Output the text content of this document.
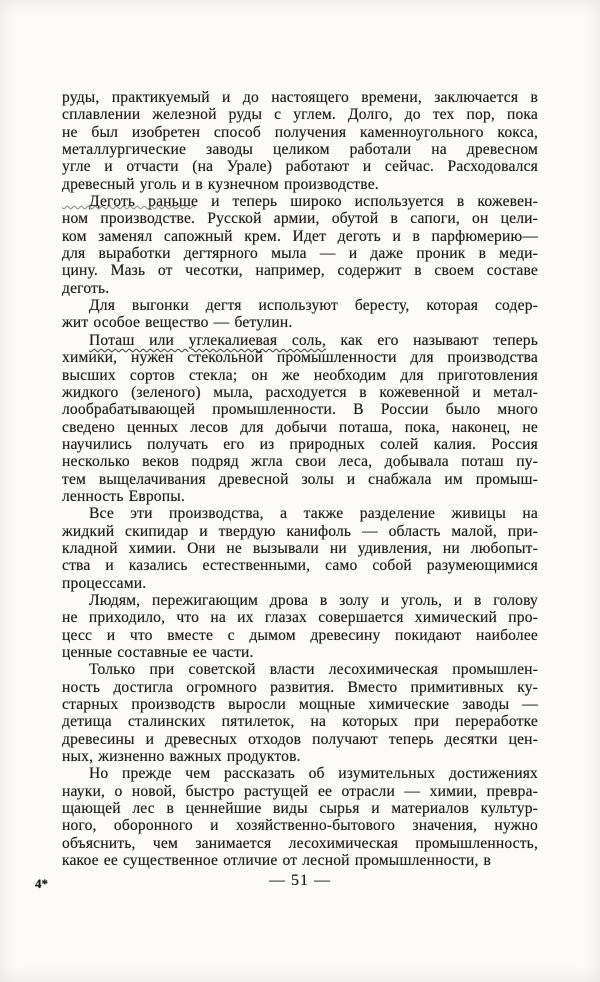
руды, практикуемый и до настоящего времени, заключается в
сплавлении железной руды с углем. Долго, до тех пор, пока
не был изобретен способ получения каменноугольного кокса,
металлургические заводы целиком работали на древесном
угле и отчасти (на Урале) работают и сейчас. Расходовался
древесный уголь и в кузнечном производстве.
Деготь раньше и теперь широко используется в кожевен-
ном производстве. Русской армии, обутой в сапоги, он цели-
ком заменял сапожный крем. Идет деготь и в парфюмерию—
для выработки дегтярного мыла — и даже проник в меди-
цину. Мазь от чесотки, например, содержит в своем составе
деготь.
Для выгонки дегтя используют бересту, которая содер-
жит особое вещество — бетулин.
Поташ или углекалиевая соль, как его называют теперь
химики, нужен стекольной промышленности для производства
высших сортов стекла; он же необходим для приготовления
жидкого (зеленого) мыла, расходуется в кожевенной и метал-
лообрабатывающей промышленности. В России было много
сведено ценных лесов для добычи поташа, пока, наконец, не
научились получать его из природных солей калия. Россия
несколько веков подряд жгла свои леса, добывала поташ пу-
тем выщелачивания древесной золы и снабжала им промыш-
ленность Европы.
Все эти производства, а также разделение живицы на
жидкий скипидар и твердую канифоль — область малой, при-
кладной химии. Они не вызывали ни удивления, ни любопыт-
ства и казались естественными, само собой разумеющимися
процессами.
Людям, пережигающим дрова в золу и уголь, и в голову
не приходило, что на их глазах совершается химический про-
цесс и что вместе с дымом древесину покидают наиболее
ценные составные ее части.
Только при советской власти лесохимическая промышлен-
ность достигла огромного развития. Вместо примитивных ку-
старных производств выросли мощные химические заводы —
детища сталинских пятилеток, на которых при переработке
древесины и древесных отходов получают теперь десятки цен-
ных, жизненно важных продуктов.
Но прежде чем рассказать об изумительных достижениях
науки, о новой, быстро растущей ее отрасли — химии, превра-
щающей лес в ценнейшие виды сырья и материалов культур-
ного, оборонного и хозяйственно-бытового значения, нужно
объяснить, чем занимается лесохимическая промышленность,
какое ее существенное отличие от лесной промышленности, в
4*	— 51 —
